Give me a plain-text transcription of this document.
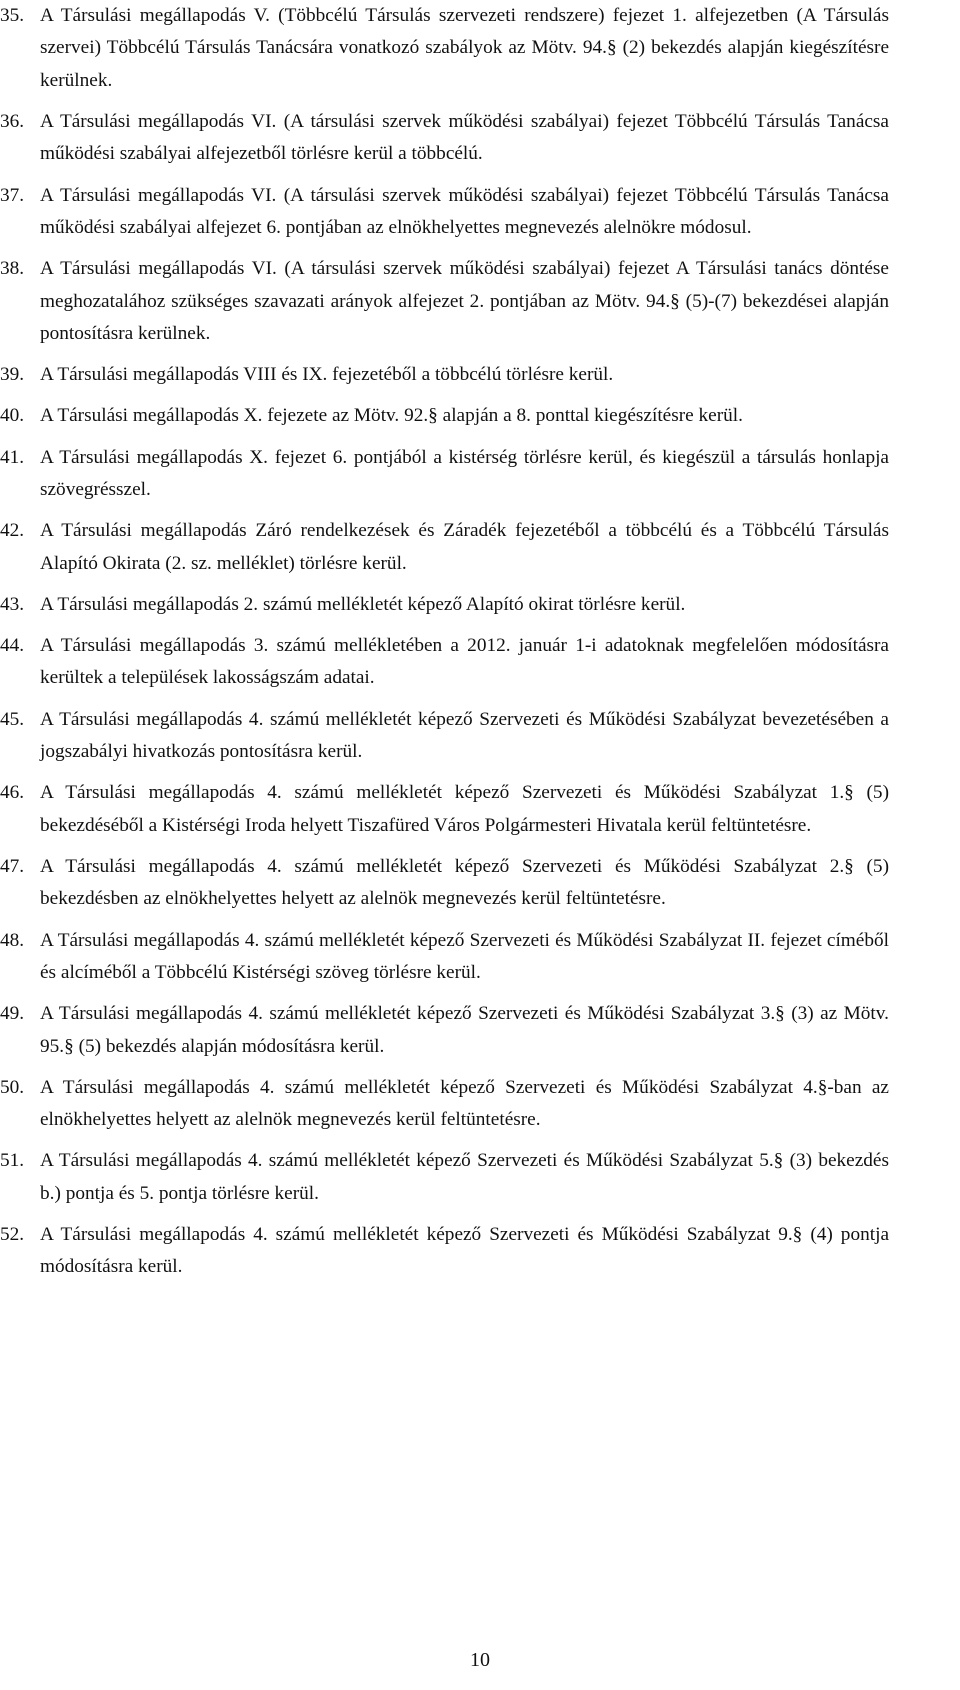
35. A Társulási megállapodás V. (Többcélú Társulás szervezeti rendszere) fejezet 1. alfejezetben (A Társulás szervei) Többcélú Társulás Tanácsára vonatkozó szabályok az Mötv. 94.§ (2) bekezdés alapján kiegészítésre kerülnek.
36. A Társulási megállapodás VI. (A társulási szervek működési szabályai) fejezet Többcélú Társulás Tanácsa működési szabályai alfejezetből törlésre kerül a többcélú.
37. A Társulási megállapodás VI. (A társulási szervek működési szabályai) fejezet Többcélú Társulás Tanácsa működési szabályai alfejezet 6. pontjában az elnökhelyettes megnevezés alelnökre módosul.
38. A Társulási megállapodás VI. (A társulási szervek működési szabályai) fejezet A Társulási tanács döntése meghozatalához szükséges szavazati arányok alfejezet 2. pontjában az Mötv. 94.§ (5)-(7) bekezdései alapján pontosításra kerülnek.
39. A Társulási megállapodás VIII és IX. fejezetéből a többcélú törlésre kerül.
40. A Társulási megállapodás X. fejezete az Mötv. 92.§ alapján a 8. ponttal kiegészítésre kerül.
41. A Társulási megállapodás X. fejezet 6. pontjából a kistérség törlésre kerül, és kiegészül a társulás honlapja szövegrésszel.
42. A Társulási megállapodás Záró rendelkezések és Záradék fejezetéből a többcélú és a Többcélú Társulás Alapító Okirata (2. sz. melléklet) törlésre kerül.
43. A Társulási megállapodás 2. számú mellékletét képező Alapító okirat törlésre kerül.
44. A Társulási megállapodás 3. számú mellékletében a 2012. január 1-i adatoknak megfelelően módosításra kerültek a települések lakosságszám adatai.
45. A Társulási megállapodás 4. számú mellékletét képező Szervezeti és Működési Szabályzat bevezetésében a jogszabályi hivatkozás pontosításra kerül.
46. A Társulási megállapodás 4. számú mellékletét képező Szervezeti és Működési Szabályzat 1.§ (5) bekezdéséből a Kistérségi Iroda helyett Tiszafüred Város Polgármesteri Hivatala kerül feltüntetésre.
47. A Társulási megállapodás 4. számú mellékletét képező Szervezeti és Működési Szabályzat 2.§ (5) bekezdésben az elnökhelyettes helyett az alelnök megnevezés kerül feltüntetésre.
48. A Társulási megállapodás 4. számú mellékletét képező Szervezeti és Működési Szabályzat II. fejezet címéből és alcíméből a Többcélú Kistérségi szöveg törlésre kerül.
49. A Társulási megállapodás 4. számú mellékletét képező Szervezeti és Működési Szabályzat 3.§ (3) az Mötv. 95.§ (5) bekezdés alapján módosításra kerül.
50. A Társulási megállapodás 4. számú mellékletét képező Szervezeti és Működési Szabályzat 4.§-ban az elnökhelyettes helyett az alelnök megnevezés kerül feltüntetésre.
51. A Társulási megállapodás 4. számú mellékletét képező Szervezeti és Működési Szabályzat 5.§ (3) bekezdés b.) pontja és 5. pontja törlésre kerül.
52. A Társulási megállapodás 4. számú mellékletét képező Szervezeti és Működési Szabályzat 9.§ (4) pontja módosításra kerül.
10
